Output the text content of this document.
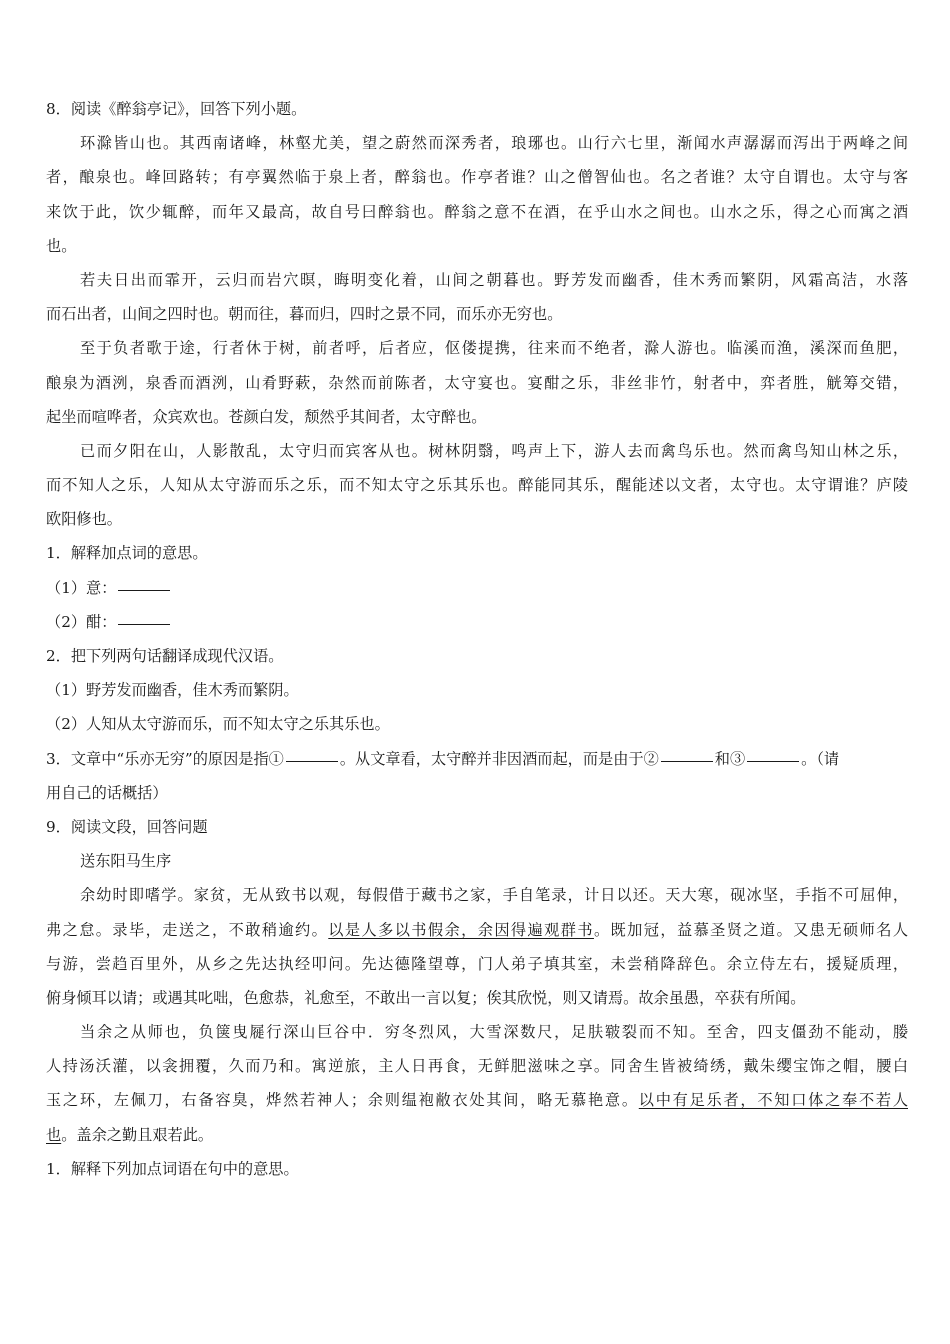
8．阅读《醉翁亭记》，回答下列小题。
环滁皆山也。其西南诸峰，林壑尤美，望之蔚然而深秀者，琅琊也。山行六七里，渐闻水声潺潺而泻出于两峰之间
者，酿泉也。峰回路转；有亭翼然临于泉上者，醉翁也。作亭者谁？山之僧智仙也。名之者谁？太守自谓也。太守与客
来饮于此，饮少辄醉，而年又最高，故自号曰醉翁也。醉翁之意不在酒，在乎山水之间也。山水之乐，得之心而寓之酒
也。
若夫日出而霏开，云归而岩穴暝，晦明变化着，山间之朝暮也。野芳发而幽香，佳木秀而繁阴，风霜高洁，水落
而石出者，山间之四时也。朝而往，暮而归，四时之景不同，而乐亦无穷也。
至于负者歌于途，行者休于树，前者呼，后者应，伛偻提携，往来而不绝者，滁人游也。临溪而渔，溪深而鱼肥，
酿泉为酒洌，泉香而酒洌，山肴野蔌，杂然而前陈者，太守宴也。宴酣之乐，非丝非竹，射者中，弈者胜，觥筹交错，
起坐而喧哗者，众宾欢也。苍颜白发，颓然乎其间者，太守醉也。
已而夕阳在山，人影散乱，太守归而宾客从也。树林阴翳，鸣声上下，游人去而禽鸟乐也。然而禽鸟知山林之乐，
而不知人之乐，人知从太守游而乐之乐，而不知太守之乐其乐也。醉能同其乐，醒能述以文者，太守也。太守谓谁？庐陵
欧阳修也。
1．解释加点词的意思。
（1）意：
（2）酣：
2．把下列两句话翻译成现代汉语。
（1）野芳发而幽香，佳木秀而繁阴。
（2）人知从太守游而乐，而不知太守之乐其乐也。
3．文章中“乐亦无穷”的原因是指①	。从文章看，太守醉并非因酒而起，而是由于②	和③	。（请
用自己的话概括）
9．阅读文段，回答问题
送东阳马生序
余幼时即嗜学。家贫，无从致书以观，每假借于藏书之家，手自笔录，计日以还。天大寒，砚冰坚，手指不可屈伸，
弗之怠。录毕，走送之，不敢稍逾约。以是人多以书假余，余因得遍观群书。既加冠，益慕圣贤之道。又患无硕师名人
与游，尝趋百里外，从乡之先达执经叩问。先达德隆望尊，门人弟子填其室，未尝稍降辞色。余立侍左右，援疑质理，
俯身倾耳以请；或遇其叱咄，色愈恭，礼愈至，不敢出一言以复；俟其欣悦，则又请焉。故余虽愚，卒获有所闻。
当余之从师也，负箧曳屣行深山巨谷中．穷冬烈风，大雪深数尺，足肤皲裂而不知。至舍，四支僵劲不能动，媵
人持汤沃灌，以衾拥覆，久而乃和。寓逆旅，主人日再食，无鲜肥滋味之享。同舍生皆被绮绣，戴朱缨宝饰之帽，腰白
玉之环，左佩刀，右备容臭，烨然若神人；余则缊袍敝衣处其间，略无慕艳意。以中有足乐者，不知口体之奉不若人
也。盖余之勤且艰若此。
1．解释下列加点词语在句中的意思。
